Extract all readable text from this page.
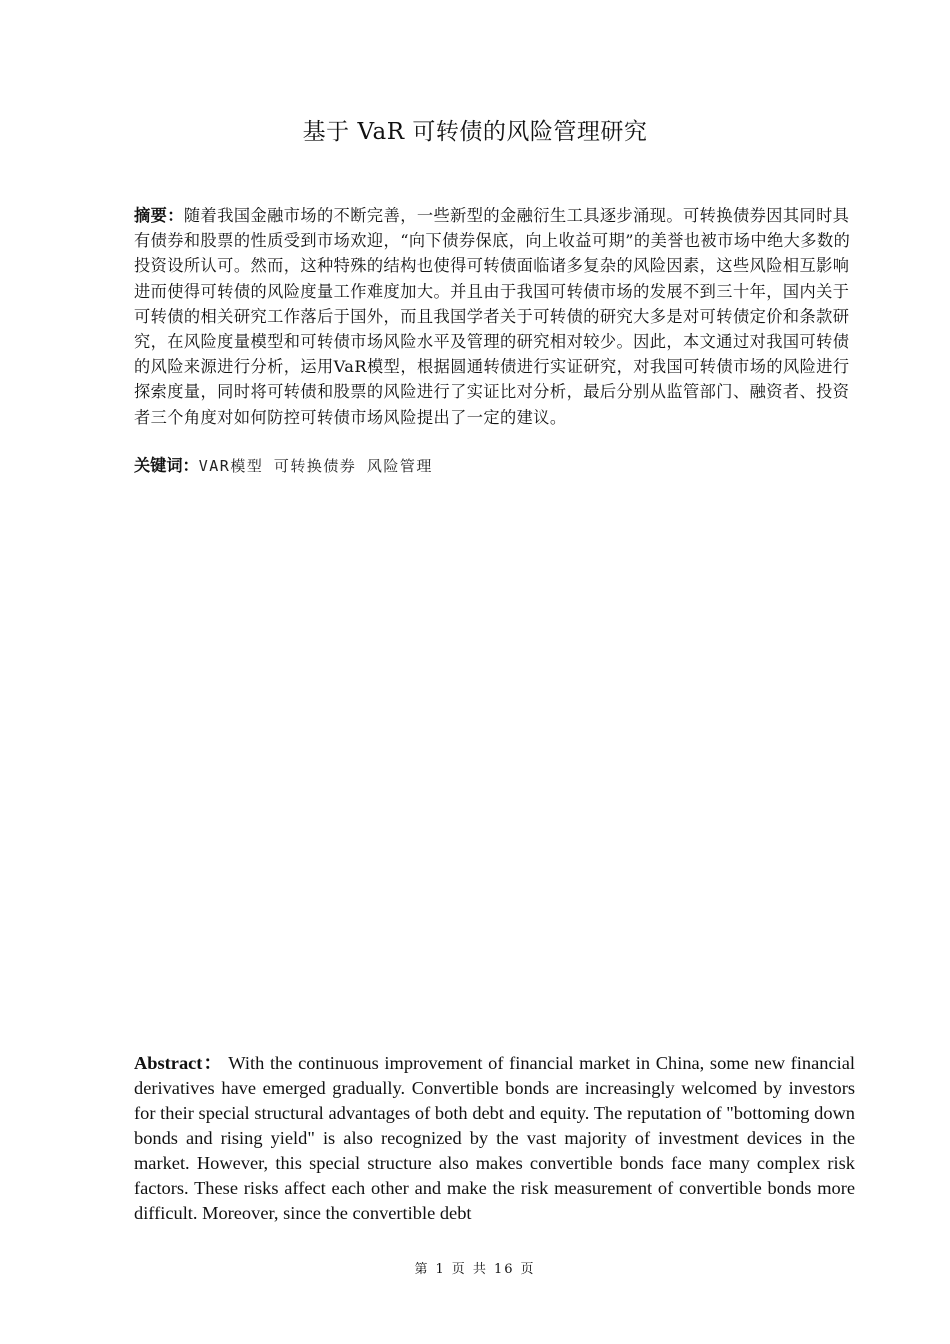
基于 VaR 可转债的风险管理研究

摘要：随着我国金融市场的不断完善，一些新型的金融衍生工具逐步涌现。可转换债券因其同时具有债券和股票的性质受到市场欢迎，“向下债券保底，向上收益可期”的美誉也被市场中绝大多数的投资设所认可。然而，这种特殊的结构也使得可转债面临诸多复杂的风险因素，这些风险相互影响进而使得可转债的风险度量工作难度加大。并且由于我国可转债市场的发展不到三十年，国内关于可转债的相关研究工作落后于国外，而且我国学者关于可转债的研究大多是对可转债定价和条款研究，在风险度量模型和可转债市场风险水平及管理的研究相对较少。因此，本文通过对我国可转债的风险来源进行分析，运用VaR模型，根据圆通转债进行实证研究，对我国可转债市场的风险进行探索度量，同时将可转债和股票的风险进行了实证比对分析，最后分别从监管部门、融资者、投资者三个角度对如何防控可转债市场风险提出了一定的建议。

关键词：VAR模型 可转换债券 风险管理

Abstract： With the continuous improvement of financial market in China, some new financial derivatives have emerged gradually. Convertible bonds are increasingly welcomed by investors for their special structural advantages of both debt and equity. The reputation of "bottoming down bonds and rising yield" is also recognized by the vast majority of investment devices in the market. However, this special structure also makes convertible bonds face many complex risk factors. These risks affect each other and make the risk measurement of convertible bonds more difficult. Moreover, since the convertible debt

第 1 页 共 16 页
